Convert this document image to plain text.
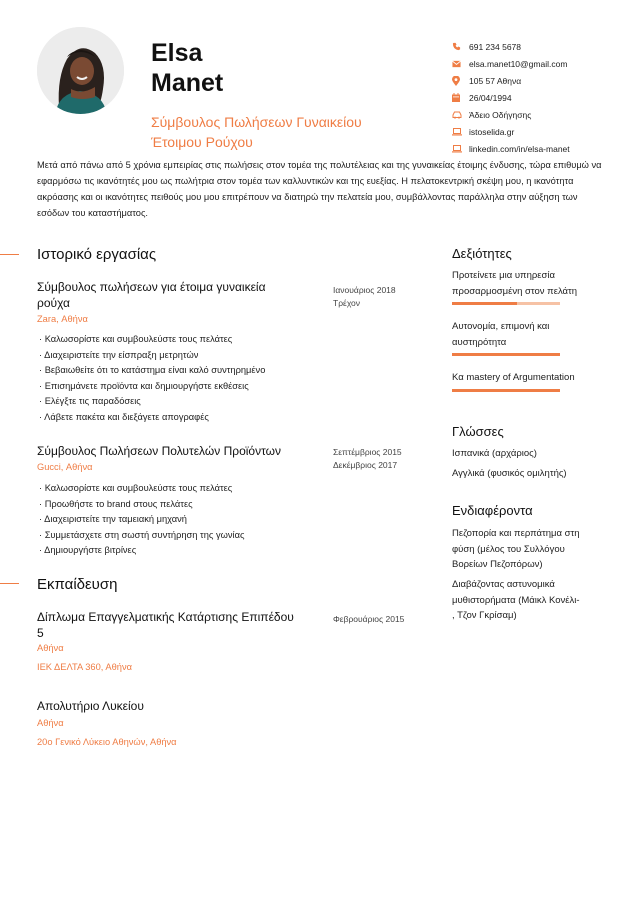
Elsa
Manet
Σύμβουλος Πωλήσεων Γυναικείου
Έτοιμου Ρούχου
691 234 5678
elsa.manet10@gmail.com
105 57 Αθηνα
26/04/1994
Άδειο Οδήγησης
istoselida.gr
linkedin.com/in/elsa-manet

Μετά από πάνω από 5 χρόνια εμπειρίας στις πωλήσεις στον τομέα της πολυτέλειας και της γυναικείας έτοιμης ένδυσης, τώρα επιθυμώ να εφαρμόσω τις ικανότητές μου ως πωλήτρια στον τομέα των καλλυντικών και της ευεξίας. Η πελατοκεντρική σκέψη μου, η ικανότητα ακρόασης και οι ικανότητες πειθούς μου μου επιτρέπουν να διατηρώ την πελατεία μου, συμβάλλοντας παράλληλα στην αύξηση των εσόδων του καταστήματος.

Ιστορικό εργασίας
Σύμβουλος πωλήσεων για έτοιμα γυναικεία
ρούχα
Ιανουάριος 2018
Τρέχον
Zara, Αθήνα
· Καλωσορίστε και συμβουλεύστε τους πελάτες
· Διαχειριστείτε την είσπραξη μετρητών
· Βεβαιωθείτε ότι το κατάστημα είναι καλό συντηρημένο
· Επισημάνετε προϊόντα και δημιουργήστε εκθέσεις
· Ελέγξτε τις παραδόσεις
· Λάβετε πακέτα και διεξάγετε απογραφές
Σύμβουλος Πωλήσεων Πολυτελών Προϊόντων	Σεπτέμβριος 2015
Δεκέμβριος 2017
Gucci, Αθήνα
· Καλωσορίστε και συμβουλεύστε τους πελάτες
· Προωθήστε το brand στους πελάτες
· Διαχειριστείτε την ταμειακή μηχανή
· Συμμετάσχετε στη σωστή συντήρηση της γωνίας
· Δημιουργήστε βιτρίνες
Εκπαίδευση
Δίπλωμα Επαγγελματικής Κατάρτισης Επιπέδου
5
Φεβρουάριος 2015
Αθήνα
ΙΕΚ ΔΕΛΤΑ 360, Αθήνα
Απολυτήριο Λυκείου
Αθήνα
20ο Γενικό Λύκειο Αθηνών, Αθήνα
Δεξιότητες
Προτείνετε μια υπηρεσία
προσαρμοσμένη στον πελάτη
Αυτονομία, επιμονή και
αυστηρότητα
Κα mastery of Argumentation
Γλώσσες
Ισπανικά (αρχάριος)
Αγγλικά (φυσικός ομιλητής)
Ενδιαφέροντα
Πεζοπορία και περπάτημα στη
φύση (μέλος του Συλλόγου
Βορείων Πεζοπόρων)
Διαβάζοντας αστυνομικά
μυθιστορήματα (Μάικλ Κονέλι-
, Τζον Γκρίσαμ)
